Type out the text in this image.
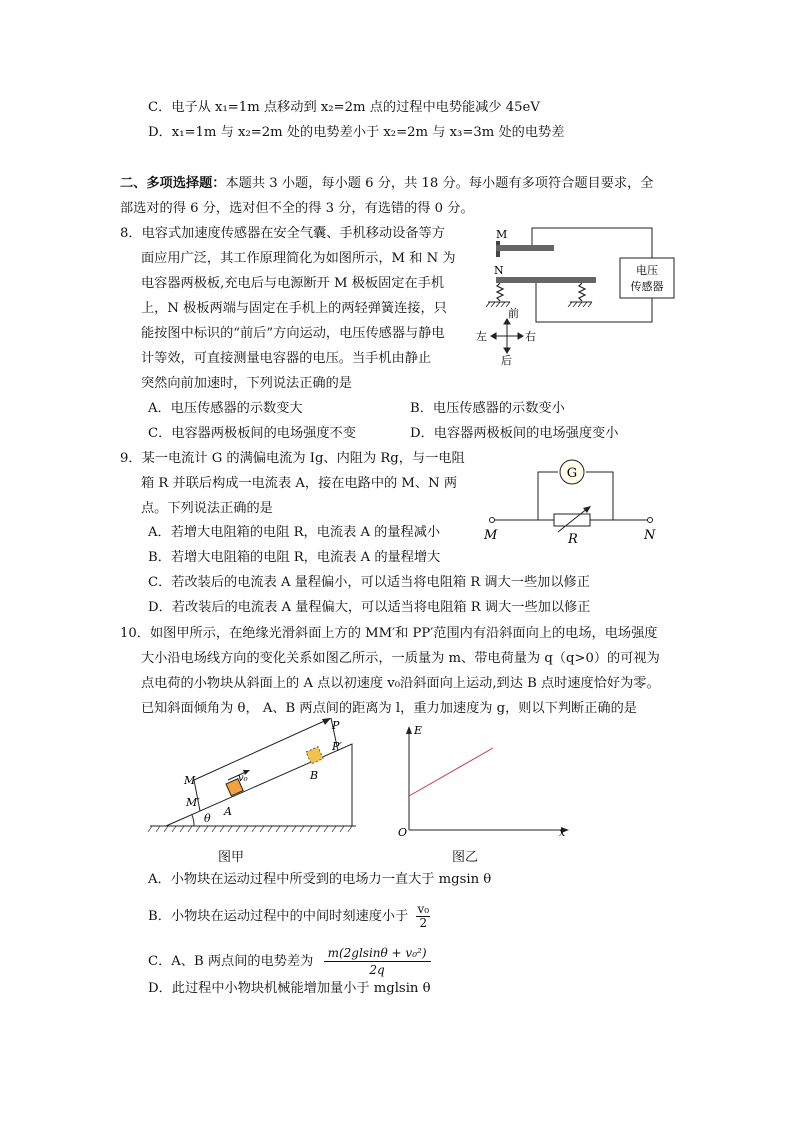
C．电子从 x₁=1m 点移动到 x₂=2m 点的过程中电势能减少 45eV
D．x₁=1m 与 x₂=2m 处的电势差小于 x₂=2m 与 x₃=3m 处的电势差
二、多项选择题：本题共 3 小题，每小题 6 分，共 18 分。每小题有多项符合题目要求，全
部选对的得 6 分，选对但不全的得 3 分，有选错的得 0 分。
8．电容式加速度传感器在安全气囊、手机移动设备等方
面应用广泛，其工作原理简化为如图所示，M 和 N 为
电容器两极板,充电后与电源断开 M 极板固定在手机
上，N 极板两端与固定在手机上的两轻弹簧连接，只
能按图中标识的“前后”方向运动，电压传感器与静电
计等效，可直接测量电容器的电压。当手机由静止
突然向前加速时，下列说法正确的是
A．电压传感器的示数变大	B．电压传感器的示数变小
C．电容器两极板间的电场强度不变	D．电容器两极板间的电场强度变小
M
N	电压
传感器
前
后
左	右
9．某一电流计 G 的满偏电流为 Ig、内阻为 Rg，与一电阻
箱 R 并联后构成一电流表 A，接在电路中的 M、N 两
点。下列说法正确的是
A．若增大电阻箱的电阻 R，电流表 A 的量程减小
B．若增大电阻箱的电阻 R，电流表 A 的量程增大
C．若改装后的电流表 A 量程偏小，可以适当将电阻箱 R 调大一些加以修正
D．若改装后的电流表 A 量程偏大，可以适当将电阻箱 R 调大一些加以修正
G
M	N
R
10．如图甲所示，在绝缘光滑斜面上方的 MM′和 PP′范围内有沿斜面向上的电场，电场强度
大小沿电场线方向的变化关系如图乙所示，一质量为 m、带电荷量为 q（q>0）的可视为
点电荷的小物块从斜面上的 A 点以初速度 v₀沿斜面向上运动,到达 B 点时速度恰好为零。
已知斜面倾角为 θ， A、B 两点间的距离为 l，重力加速度为 g，则以下判断正确的是
v₀
P
P′
M
M′
A
B
θ
图甲
E
O	x
图乙
A．小物块在运动过程中所受到的电场力一直大于 mgsin θ
B．小物块在运动过程中的中间时刻速度小于 $\frac{\text{v₀}}{2}$
C．A、B 两点间的电势差为 $\frac{\text{m(2glsinθ + v₀²)}}{2q}$
D．此过程中小物块机械能增加量小于 mglsin θ
